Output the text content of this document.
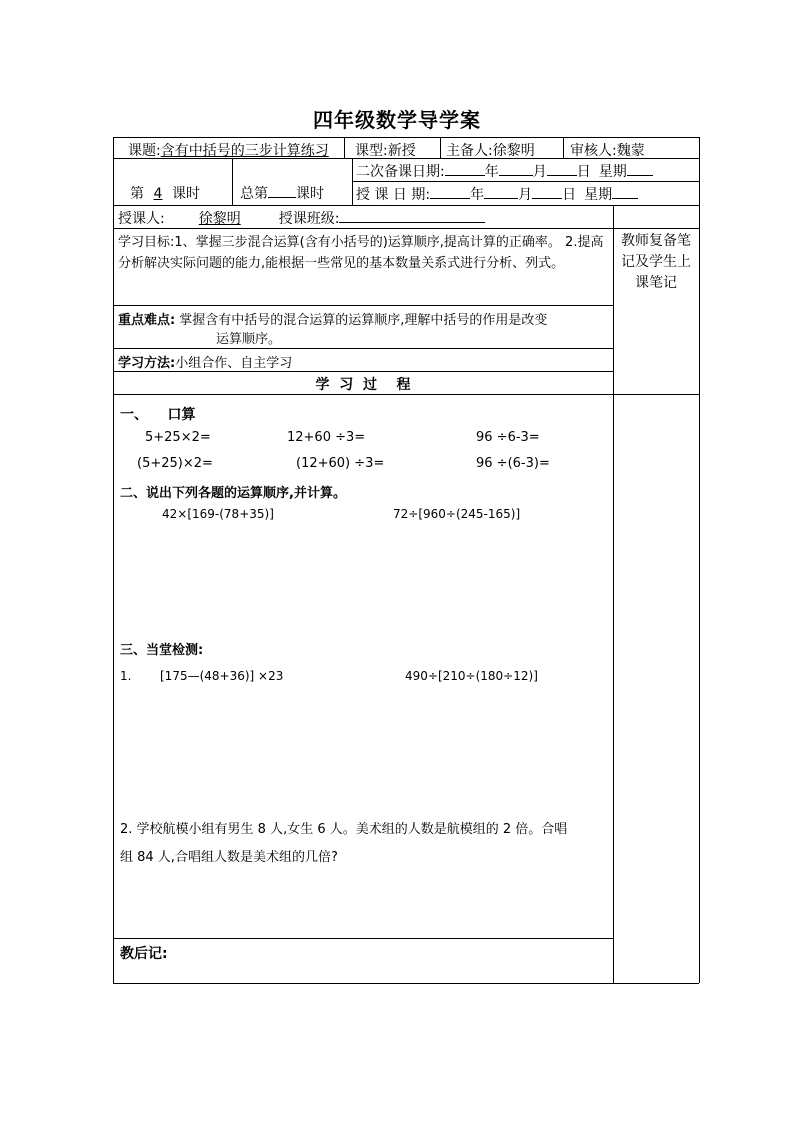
四年级数学导学案
课题:含有中括号的三步计算练习 课型:新授 主备人:徐黎明	审核人:魏蒙
第 4 课时	总第 课时
二次备课日期:	年 月 日 星期
授 课 日 期:	年 月 日 星期
授课人: 徐黎明	授课班级:
教师复备笔记及学生上课笔记
学习目标:1、掌握三步混合运算(含有小括号的)运算顺序,提高计算的正确率。 2.提高分析解决实际问题的能力,能根据一些常见的基本数量关系式进行分析、列式。
重点难点: 掌握含有中括号的混合运算的运算顺序,理解中括号的作用是改变
运算顺序。
学习方法:小组合作、自主学习
学  习  过    程
一、    口算
5+25×2=	12+60 ÷3=	96 ÷6-3=
(5+25)×2=	(12+60) ÷3=	96 ÷(6-3)=
二、说出下列各题的运算顺序,并计算。
42×[169-(78+35)]	72÷[960÷(245-165)]
三、当堂检测:
1. [175—(48+36)] ×23	490÷[210÷(180÷12)]
2. 学校航模小组有男生 8 人,女生 6 人。美术组的人数是航模组的 2 倍。合唱
组 84 人,合唱组人数是美术组的几倍?
教后记:
